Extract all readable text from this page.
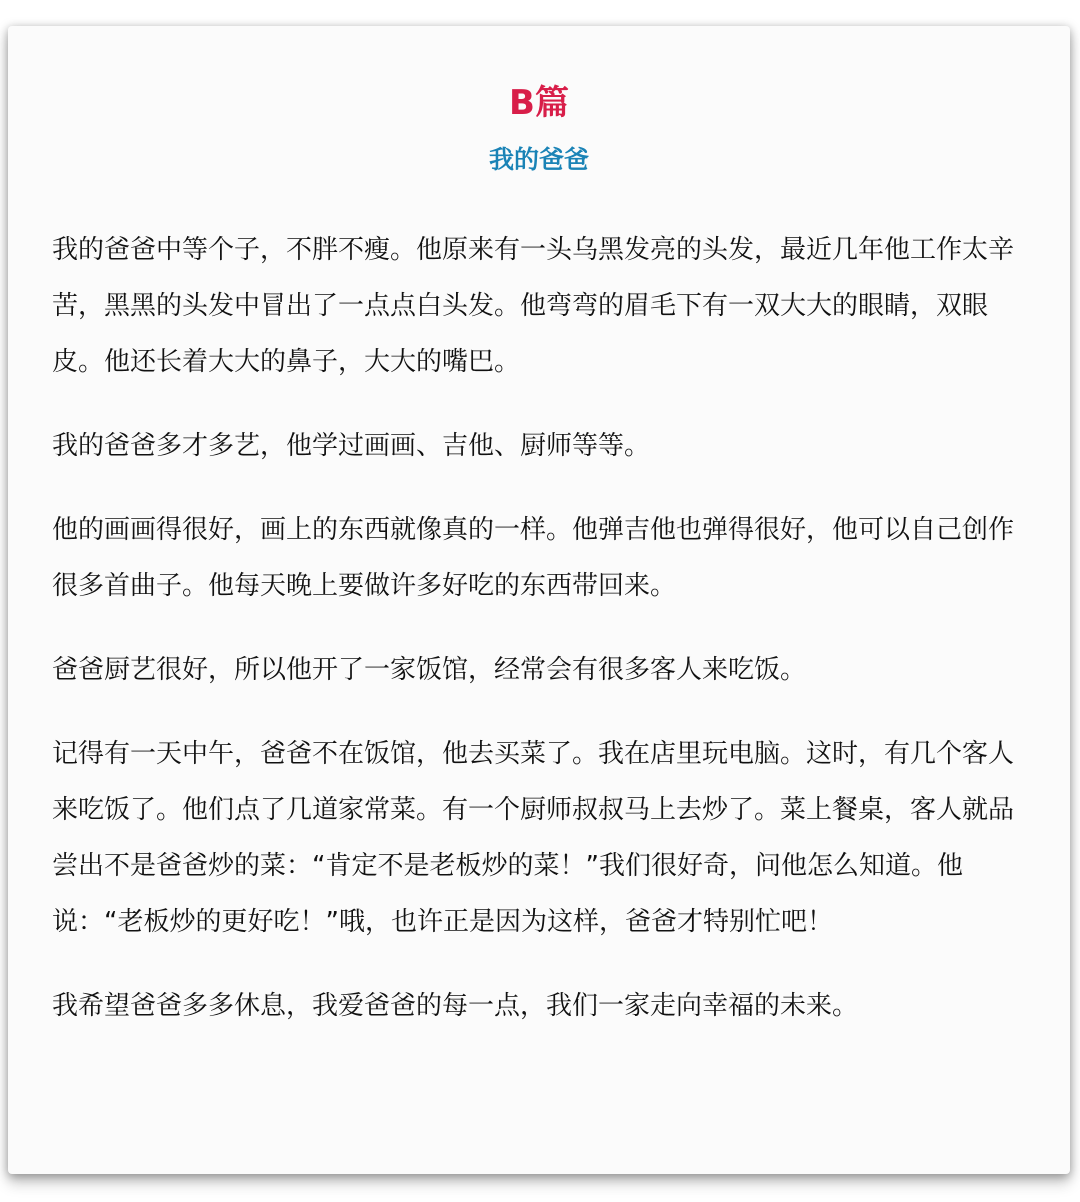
B篇
我的爸爸

我的爸爸中等个子，不胖不瘦。他原来有一头乌黑发亮的头发，最近几年他工作太辛苦，黑黑的头发中冒出了一点点白头发。他弯弯的眉毛下有一双大大的眼睛，双眼皮。他还长着大大的鼻子，大大的嘴巴。

我的爸爸多才多艺，他学过画画、吉他、厨师等等。

他的画画得很好，画上的东西就像真的一样。他弹吉他也弹得很好，他可以自己创作很多首曲子。他每天晚上要做许多好吃的东西带回来。

爸爸厨艺很好，所以他开了一家饭馆，经常会有很多客人来吃饭。

记得有一天中午，爸爸不在饭馆，他去买菜了。我在店里玩电脑。这时，有几个客人来吃饭了。他们点了几道家常菜。有一个厨师叔叔马上去炒了。菜上餐桌，客人就品尝出不是爸爸炒的菜：“肯定不是老板炒的菜！”我们很好奇，问他怎么知道。他说：“老板炒的更好吃！”哦，也许正是因为这样，爸爸才特别忙吧！

我希望爸爸多多休息，我爱爸爸的每一点，我们一家走向幸福的未来。
